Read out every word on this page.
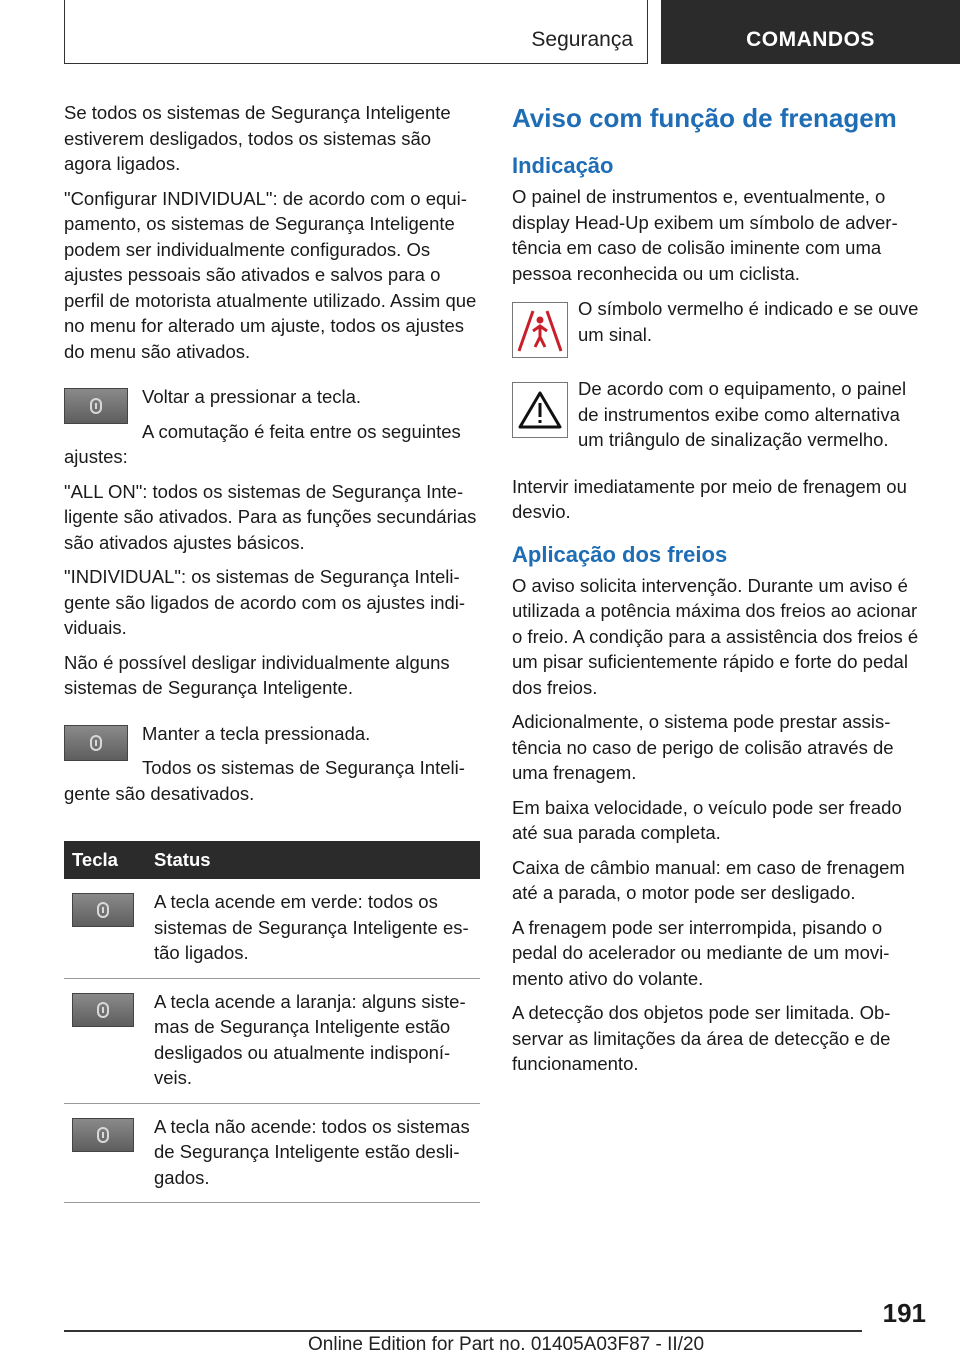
Segurança	COMANDOS

Se todos os sistemas de Segurança Inteligente estiverem desligados, todos os sistemas são agora ligados.

"Configurar INDIVIDUAL": de acordo com o equipamento, os sistemas de Segurança Inteligente podem ser individualmente configurados. Os ajustes pessoais são ativados e salvos para o perfil de motorista atualmente utilizado. Assim que no menu for alterado um ajuste, todos os ajustes do menu são ativados.

Voltar a pressionar a tecla.

A comutação é feita entre os seguintes ajustes:

"ALL ON": todos os sistemas de Segurança Inteligente são ativados. Para as funções secundárias são ativados ajustes básicos.

"INDIVIDUAL": os sistemas de Segurança Inteligente são ligados de acordo com os ajustes individuais.

Não é possível desligar individualmente alguns sistemas de Segurança Inteligente.

Manter a tecla pressionada.

Todos os sistemas de Segurança Inteligente são desativados.

Tecla	Status

	A tecla acende em verde: todos os sistemas de Segurança Inteligente estão ligados.

	A tecla acende a laranja: alguns sistemas de Segurança Inteligente estão desligados ou atualmente indisponíveis.

	A tecla não acende: todos os sistemas de Segurança Inteligente estão desligados.
Aviso com função de frenagem
Indicação

O painel de instrumentos e, eventualmente, o display Head-Up exibem um símbolo de advertência em caso de colisão iminente com uma pessoa reconhecida ou um ciclista.

O símbolo vermelho é indicado e se ouve um sinal.

De acordo com o equipamento, o painel de instrumentos exibe como alternativa um triângulo de sinalização vermelho.

Intervir imediatamente por meio de frenagem ou desvio.

Aplicação dos freios

O aviso solicita intervenção. Durante um aviso é utilizada a potência máxima dos freios ao acionar o freio. A condição para a assistência dos freios é um pisar suficientemente rápido e forte do pedal dos freios.

Adicionalmente, o sistema pode prestar assistência no caso de perigo de colisão através de uma frenagem.

Em baixa velocidade, o veículo pode ser freado até sua parada completa.

Caixa de câmbio manual: em caso de frenagem até a parada, o motor pode ser desligado.

A frenagem pode ser interrompida, pisando o pedal do acelerador ou mediante de um movimento ativo do volante.

A detecção dos objetos pode ser limitada. Observar as limitações da área de detecção e de funcionamento.

191
Online Edition for Part no. 01405A03F87 - II/20
